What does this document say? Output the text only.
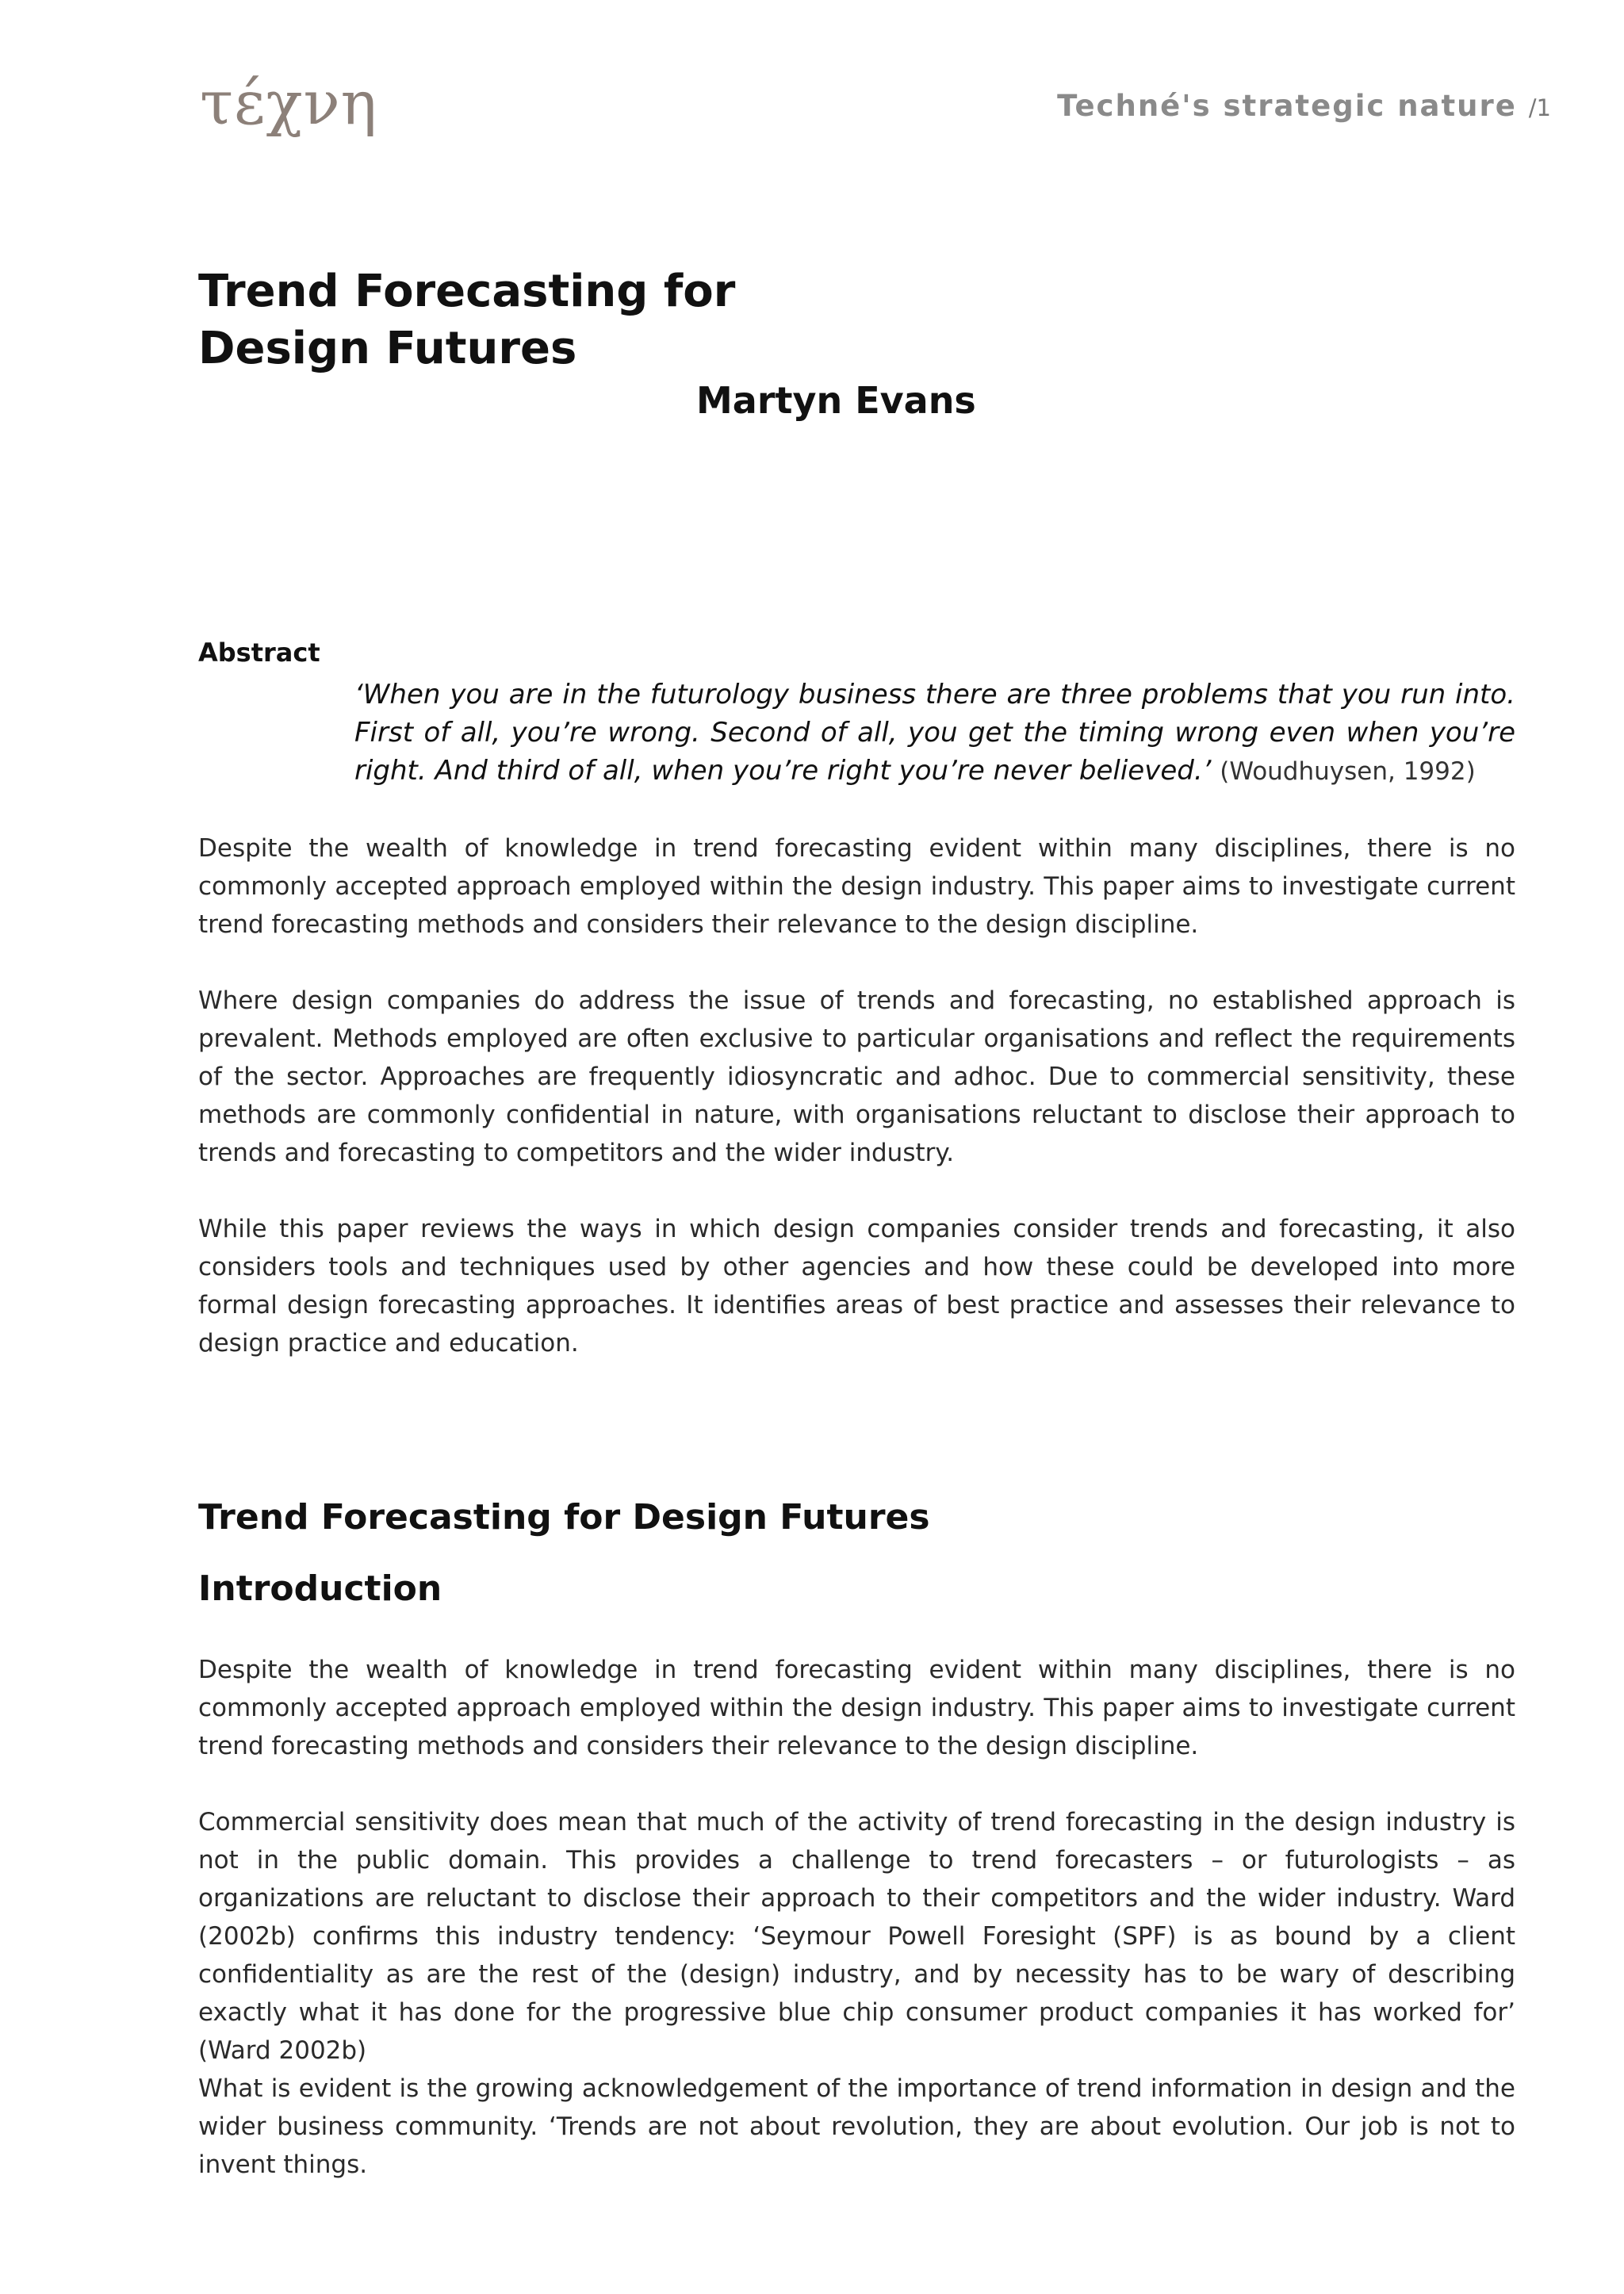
τέχνη	Techné's strategic nature /1
Trend Forecasting for
Design Futures
Martyn Evans
Abstract

‘When you are in the futurology business there are three problems that you run into. First of all, you’re wrong. Second of all, you get the timing wrong even when you’re right. And third of all, when you’re right you’re never believed.’ (Woudhuysen, 1992)

Despite the wealth of knowledge in trend forecasting evident within many disciplines, there is no commonly accepted approach employed within the design industry. This paper aims to investigate current trend forecasting methods and considers their relevance to the design discipline.

Where design companies do address the issue of trends and forecasting, no established approach is prevalent. Methods employed are often exclusive to particular organisations and reflect the requirements of the sector. Approaches are frequently idiosyncratic and adhoc. Due to commercial sensitivity, these methods are commonly confidential in nature, with organisations reluctant to disclose their approach to trends and forecasting to competitors and the wider industry.

While this paper reviews the ways in which design companies consider trends and forecasting, it also considers tools and techniques used by other agencies and how these could be developed into more formal design forecasting approaches. It identifies areas of best practice and assesses their relevance to design practice and education.

Trend Forecasting for Design Futures
Introduction

Despite the wealth of knowledge in trend forecasting evident within many disciplines, there is no commonly accepted approach employed within the design industry. This paper aims to investigate current trend forecasting methods and considers their relevance to the design discipline.

Commercial sensitivity does mean that much of the activity of trend forecasting in the design industry is not in the public domain. This provides a challenge to trend forecasters – or futurologists – as organizations are reluctant to disclose their approach to their competitors and the wider industry. Ward (2002b) confirms this industry tendency: ‘Seymour Powell Foresight (SPF) is as bound by a client confidentiality as are the rest of the (design) industry, and by necessity has to be wary of describing exactly what it has done for the progressive blue chip consumer product companies it has worked for’ (Ward 2002b)

What is evident is the growing acknowledgement of the importance of trend information in design and the wider business community. ‘Trends are not about revolution, they are about evolution. Our job is not to invent things.
